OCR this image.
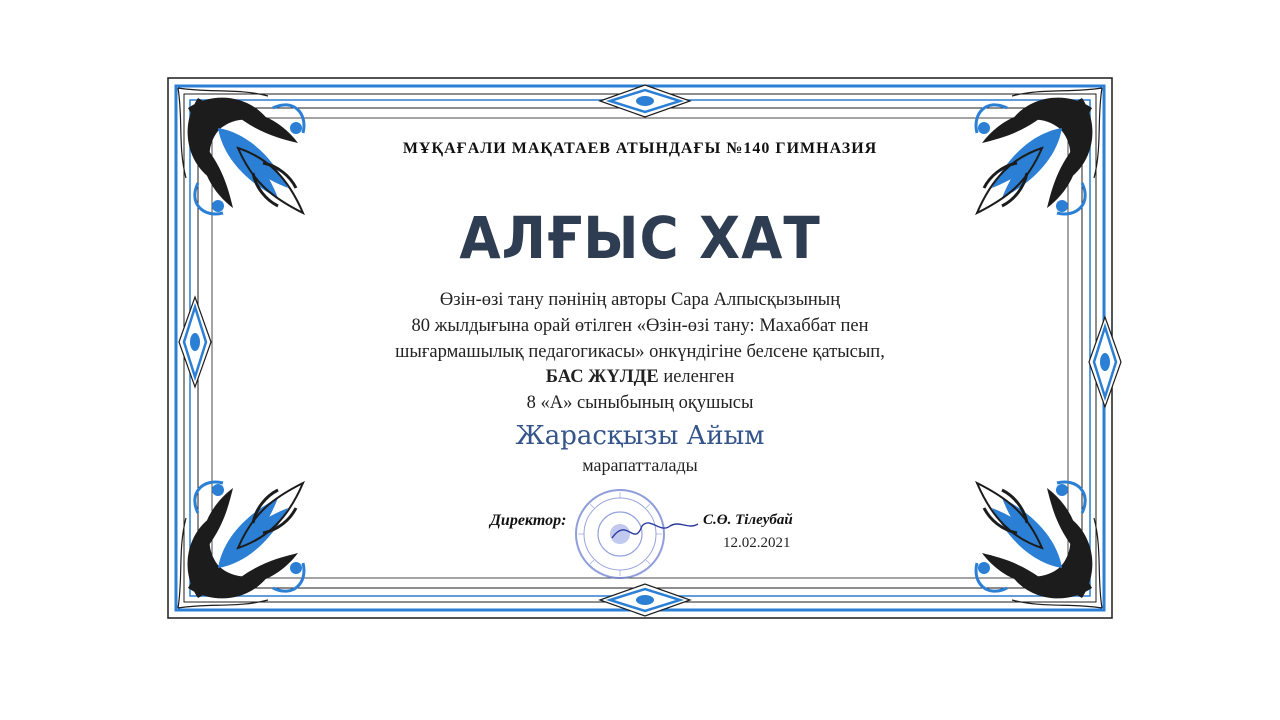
МҰҚАҒАЛИ МАҚАТАЕВ АТЫНДАҒЫ №140 ГИМНАЗИЯ
АЛҒЫС ХАТ
Өзін-өзі тану пәнінің авторы Сара Алпысқызының
80 жылдығына орай өтілген «Өзін-өзі тану: Махаббат пен
шығармашылық педагогикасы» онкүндігіне белсене қатысып,
БАС ЖҮЛДЕ иеленген
8 «А» сыныбының оқушысы
Жарасқызы Айым
марапатталады
Директор:	С.Ө. Тілеубай
12.02.2021
